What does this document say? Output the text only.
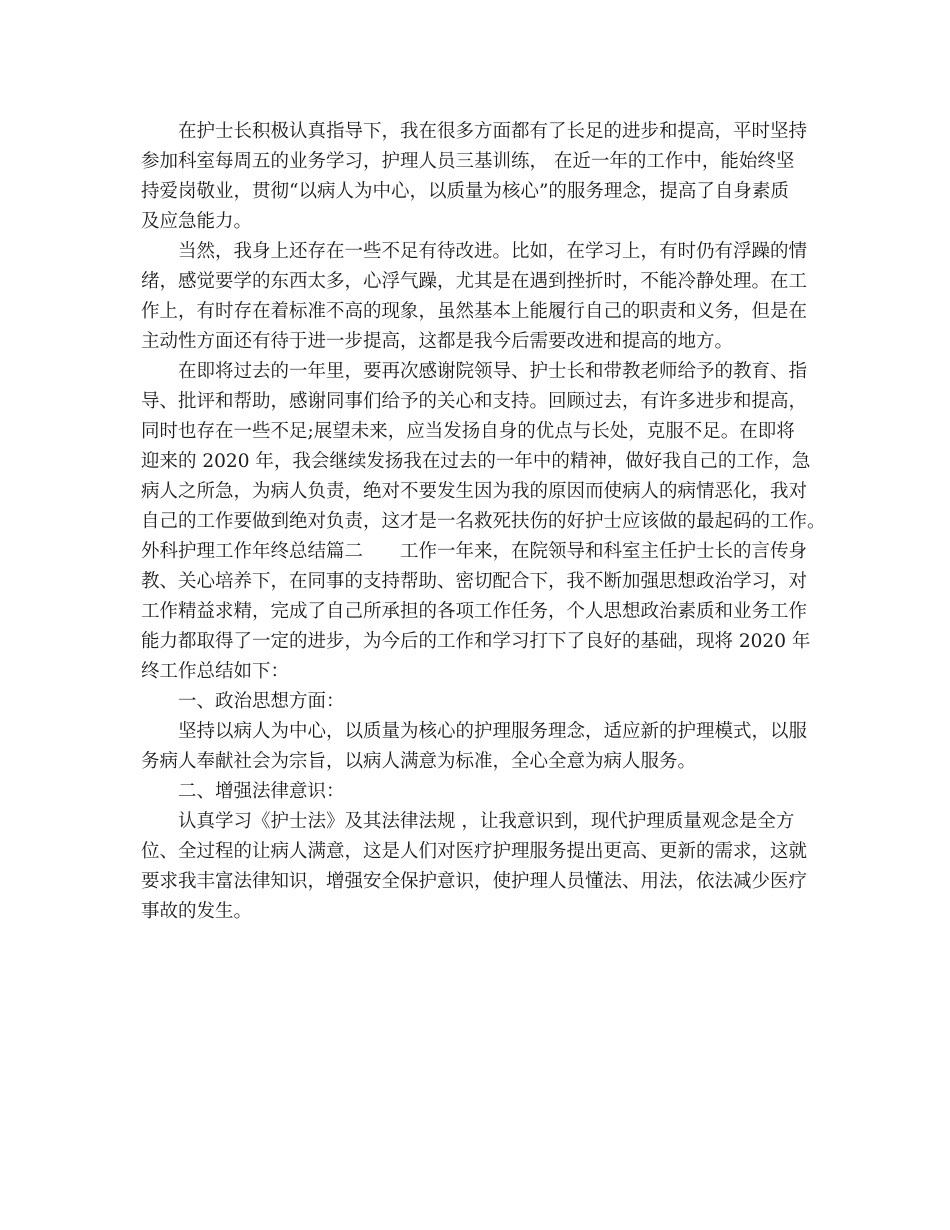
　　在护士长积极认真指导下，我在很多方面都有了长足的进步和提高，平时坚持
参加科室每周五的业务学习，护理人员三基训练， 在近一年的工作中，能始终坚
持爱岗敬业，贯彻“以病人为中心，以质量为核心”的服务理念，提高了自身素质
及应急能力。
　　当然，我身上还存在一些不足有待改进。比如，在学习上，有时仍有浮躁的情
绪，感觉要学的东西太多，心浮气躁，尤其是在遇到挫折时，不能冷静处理。在工
作上，有时存在着标准不高的现象，虽然基本上能履行自己的职责和义务，但是在
主动性方面还有待于进一步提高，这都是我今后需要改进和提高的地方。
　　在即将过去的一年里，要再次感谢院领导、护士长和带教老师给予的教育、指
导、批评和帮助，感谢同事们给予的关心和支持。回顾过去，有许多进步和提高，
同时也存在一些不足;展望未来，应当发扬自身的优点与长处，克服不足。在即将
迎来的 2020 年，我会继续发扬我在过去的一年中的精神，做好我自己的工作，急
病人之所急，为病人负责，绝对不要发生因为我的原因而使病人的病情恶化，我对
自己的工作要做到绝对负责，这才是一名救死扶伤的好护士应该做的最起码的工作。
外科护理工作年终总结篇二　　工作一年来，在院领导和科室主任护士长的言传身
教、关心培养下，在同事的支持帮助、密切配合下，我不断加强思想政治学习，对
工作精益求精，完成了自己所承担的各项工作任务，个人思想政治素质和业务工作
能力都取得了一定的进步，为今后的工作和学习打下了良好的基础，现将 2020 年
终工作总结如下：
　　一、政治思想方面：
　　坚持以病人为中心，以质量为核心的护理服务理念，适应新的护理模式，以服
务病人奉献社会为宗旨，以病人满意为标准，全心全意为病人服务。
　　二、增强法律意识：
　　认真学习《护士法》及其法律法规 ，让我意识到，现代护理质量观念是全方
位、全过程的让病人满意，这是人们对医疗护理服务提出更高、更新的需求，这就
要求我丰富法律知识，增强安全保护意识，使护理人员懂法、用法，依法减少医疗
事故的发生。
